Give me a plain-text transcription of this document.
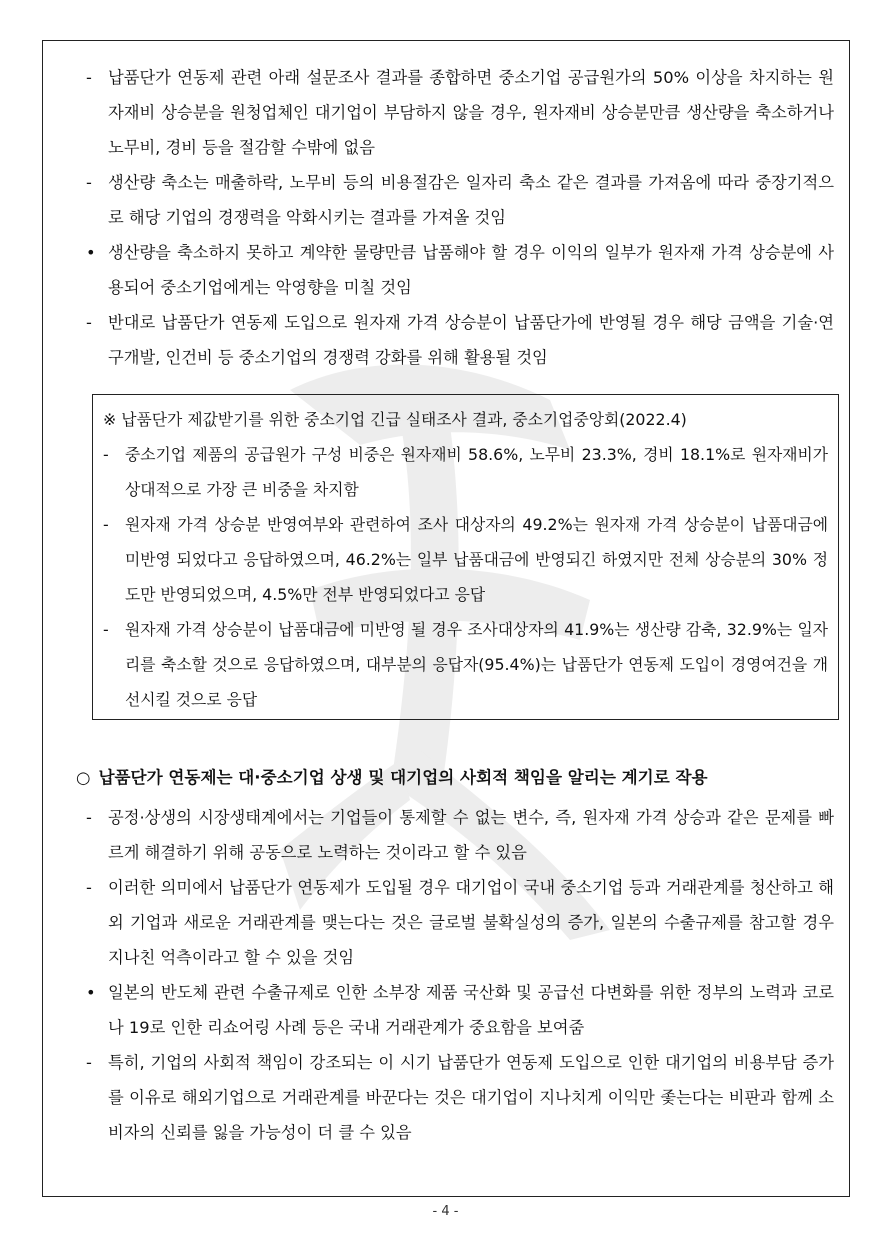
- 납품단가 연동제 관련 아래 설문조사 결과를 종합하면 중소기업 공급원가의 50% 이상을 차지하는 원자재비 상승분을 원청업체인 대기업이 부담하지 않을 경우, 원자재비 상승분만큼 생산량을 축소하거나 노무비, 경비 등을 절감할 수밖에 없음
- 생산량 축소는 매출하락, 노무비 등의 비용절감은 일자리 축소 같은 결과를 가져옴에 따라 중장기적으로 해당 기업의 경쟁력을 악화시키는 결과를 가져올 것임
• 생산량을 축소하지 못하고 계약한 물량만큼 납품해야 할 경우 이익의 일부가 원자재 가격 상승분에 사용되어 중소기업에게는 악영향을 미칠 것임
- 반대로 납품단가 연동제 도입으로 원자재 가격 상승분이 납품단가에 반영될 경우 해당 금액을 기술·연구개발, 인건비 등 중소기업의 경쟁력 강화를 위해 활용될 것임
※ 납품단가 제값받기를 위한 중소기업 긴급 실태조사 결과, 중소기업중앙회(2022.4)
-	중소기업 제품의 공급원가 구성 비중은 원자재비 58.6%, 노무비 23.3%, 경비 18.1%로 원자재비가 상대적으로 가장 큰 비중을 차지함
-	원자재 가격 상승분 반영여부와 관련하여 조사 대상자의 49.2%는 원자재 가격 상승분이 납품대금에 미반영 되었다고 응답하였으며, 46.2%는 일부 납품대금에 반영되긴 하였지만 전체 상승분의 30% 정도만 반영되었으며, 4.5%만 전부 반영되었다고 응답
-	원자재 가격 상승분이 납품대금에 미반영 될 경우 조사대상자의 41.9%는 생산량 감축, 32.9%는 일자리를 축소할 것으로 응답하였으며, 대부분의 응답자(95.4%)는 납품단가 연동제 도입이 경영여건을 개선시킬 것으로 응답
○ 납품단가 연동제는 대·중소기업 상생 및 대기업의 사회적 책임을 알리는 계기로 작용
- 공정·상생의 시장생태계에서는 기업들이 통제할 수 없는 변수, 즉, 원자재 가격 상승과 같은 문제를 빠르게 해결하기 위해 공동으로 노력하는 것이라고 할 수 있음
- 이러한 의미에서 납품단가 연동제가 도입될 경우 대기업이 국내 중소기업 등과 거래관계를 청산하고 해외 기업과 새로운 거래관계를 맺는다는 것은 글로벌 불확실성의 증가, 일본의 수출규제를 참고할 경우 지나친 억측이라고 할 수 있을 것임
• 일본의 반도체 관련 수출규제로 인한 소부장 제품 국산화 및 공급선 다변화를 위한 정부의 노력과 코로나 19로 인한 리쇼어링 사례 등은 국내 거래관계가 중요함을 보여줌
- 특히, 기업의 사회적 책임이 강조되는 이 시기 납품단가 연동제 도입으로 인한 대기업의 비용부담 증가를 이유로 해외기업으로 거래관계를 바꾼다는 것은 대기업이 지나치게 이익만 좇는다는 비판과 함께 소비자의 신뢰를 잃을 가능성이 더 클 수 있음
- 4 -
